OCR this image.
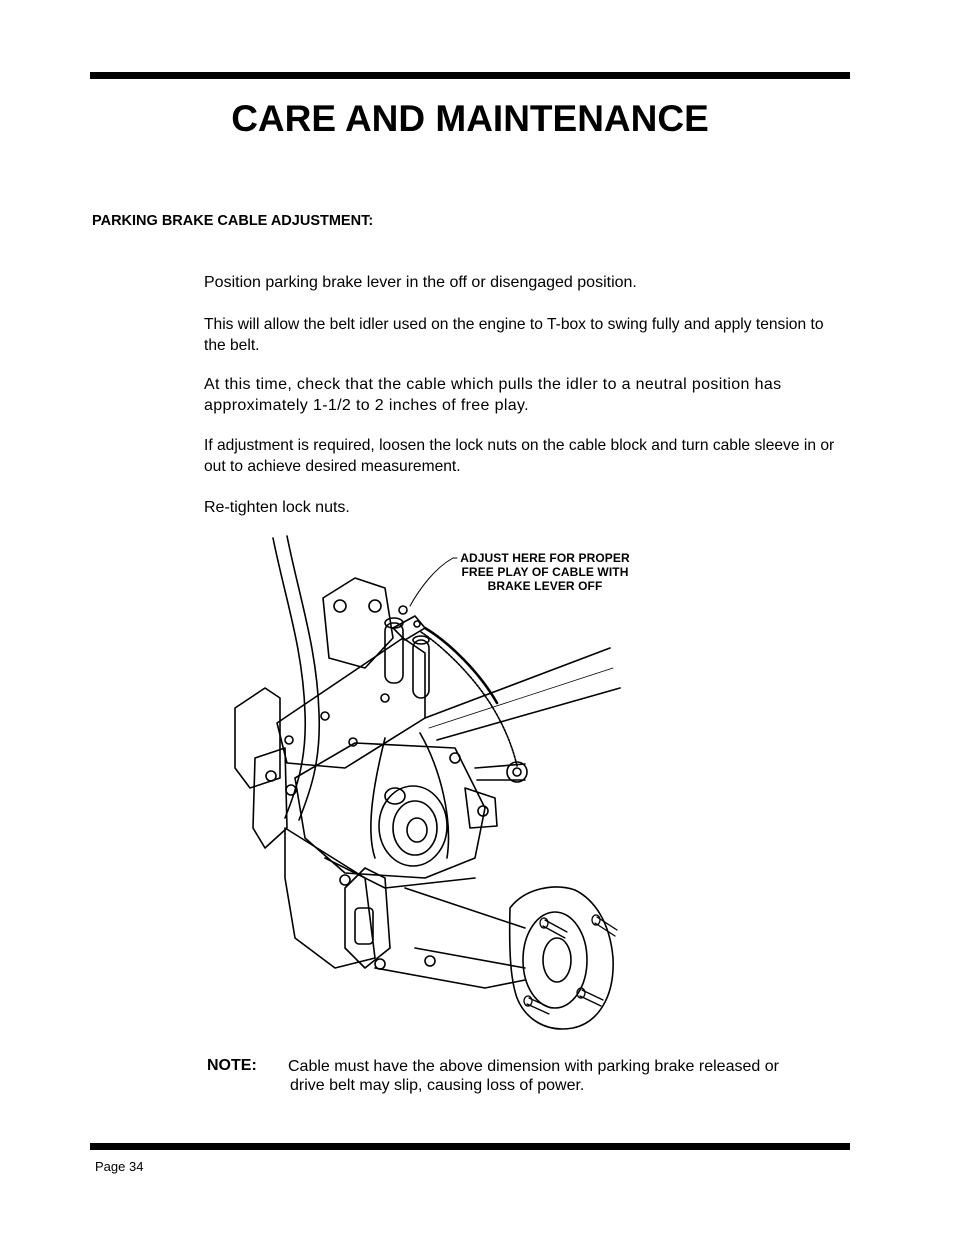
CARE AND MAINTENANCE
PARKING BRAKE CABLE ADJUSTMENT:

Position parking brake lever in the off or disengaged position.

This will allow the belt idler used on the engine to T-box to swing fully and apply tension to the belt.

At this time, check that the cable which pulls the idler to a neutral position has approximately 1-1/2 to 2 inches of free play.

If adjustment is required, loosen the lock nuts on the cable block and turn cable sleeve in or out to achieve desired measurement.

Re-tighten lock nuts.

ADJUST HERE FOR PROPER
FREE PLAY OF CABLE WITH
BRAKE LEVER OFF
NOTE: Cable must have the above dimension with parking brake released or
drive belt may slip, causing loss of power.
Page 34
